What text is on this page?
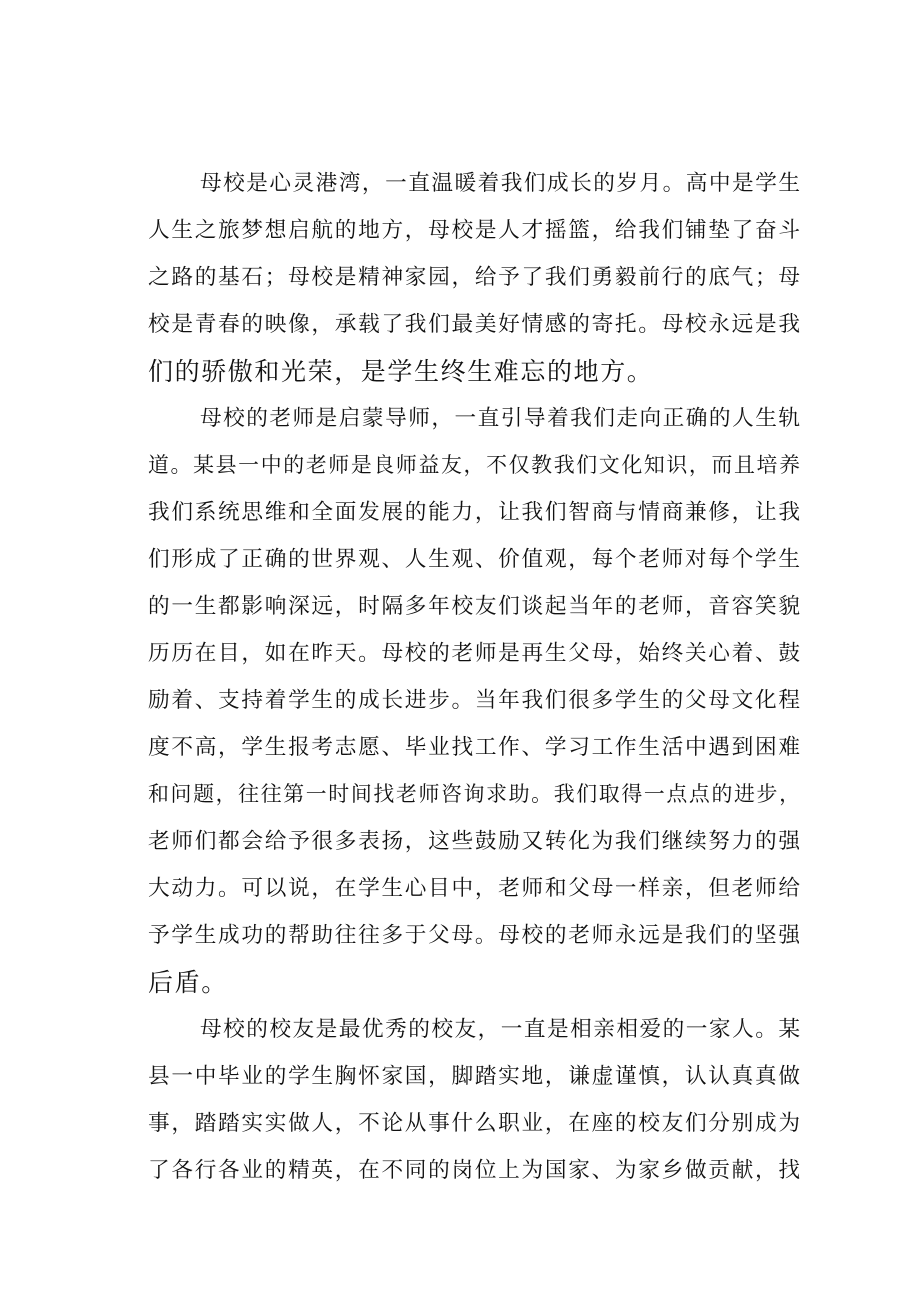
母校是心灵港湾，一直温暖着我们成长的岁月。高中是学生
人生之旅梦想启航的地方，母校是人才摇篮，给我们铺垫了奋斗
之路的基石；母校是精神家园，给予了我们勇毅前行的底气；母
校是青春的映像，承载了我们最美好情感的寄托。母校永远是我
们的骄傲和光荣，是学生终生难忘的地方。
母校的老师是启蒙导师，一直引导着我们走向正确的人生轨
道。某县一中的老师是良师益友，不仅教我们文化知识，而且培养
我们系统思维和全面发展的能力，让我们智商与情商兼修，让我
们形成了正确的世界观、人生观、价值观，每个老师对每个学生
的一生都影响深远，时隔多年校友们谈起当年的老师，音容笑貌
历历在目，如在昨天。母校的老师是再生父母，始终关心着、鼓
励着、支持着学生的成长进步。当年我们很多学生的父母文化程
度不高，学生报考志愿、毕业找工作、学习工作生活中遇到困难
和问题，往往第一时间找老师咨询求助。我们取得一点点的进步，
老师们都会给予很多表扬，这些鼓励又转化为我们继续努力的强
大动力。可以说，在学生心目中，老师和父母一样亲，但老师给
予学生成功的帮助往往多于父母。母校的老师永远是我们的坚强
后盾。
母校的校友是最优秀的校友，一直是相亲相爱的一家人。某
县一中毕业的学生胸怀家国，脚踏实地，谦虚谨慎，认认真真做
事，踏踏实实做人，不论从事什么职业，在座的校友们分别成为
了各行各业的精英，在不同的岗位上为国家、为家乡做贡献，找
